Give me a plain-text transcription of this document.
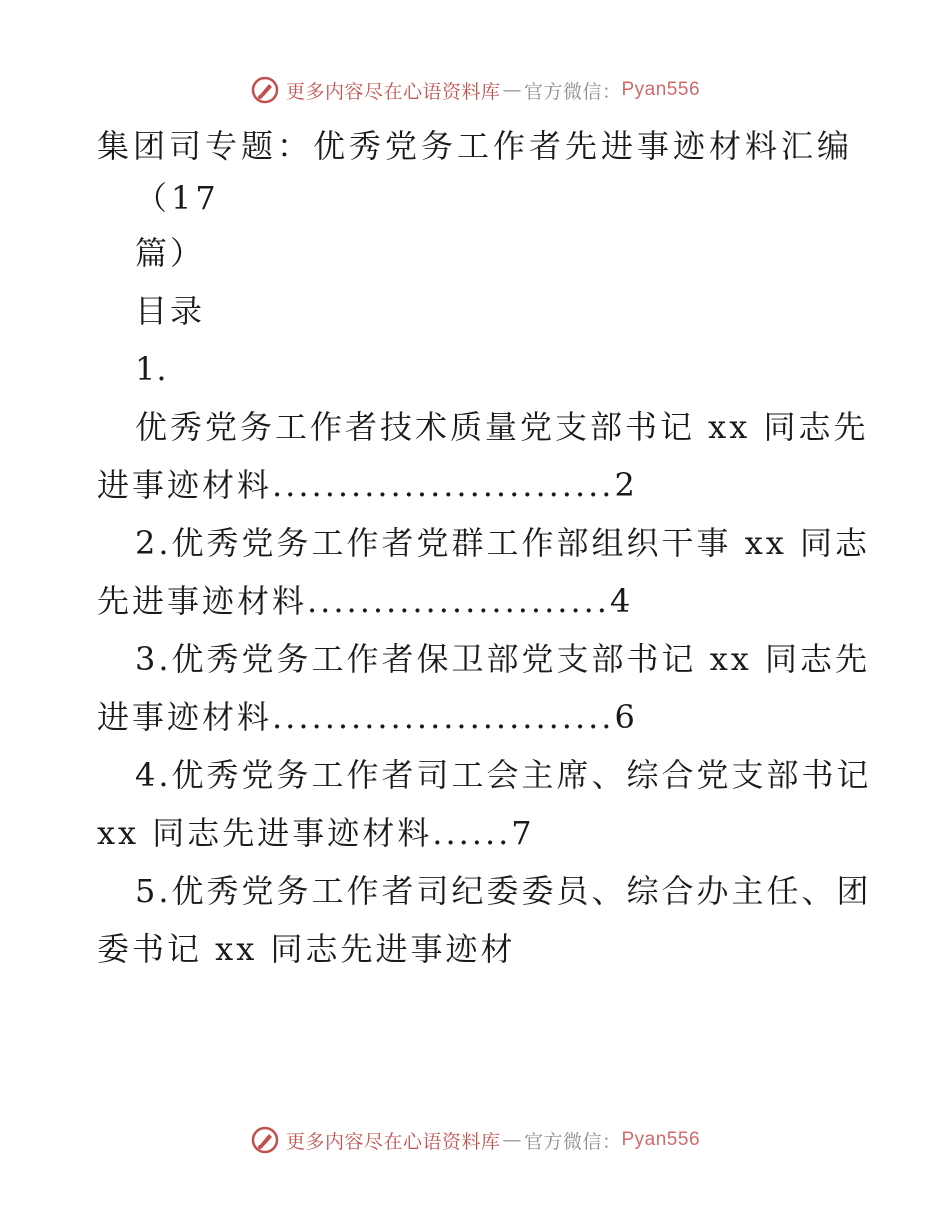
更多内容尽在心语资料库 — 官方微信： Pyan556
集团司专题：优秀党务工作者先进事迹材料汇编（17
篇）
目录
1.
优秀党务工作者技术质量党支部书记 xx 同志先
进事迹材料..........................2
2.优秀党务工作者党群工作部组织干事 xx 同志
先进事迹材料.......................4
3.优秀党务工作者保卫部党支部书记 xx 同志先
进事迹材料..........................6
4.优秀党务工作者司工会主席、综合党支部书记
xx 同志先进事迹材料......7
5.优秀党务工作者司纪委委员、综合办主任、团
委书记 xx 同志先进事迹材
更多内容尽在心语资料库 — 官方微信： Pyan556
